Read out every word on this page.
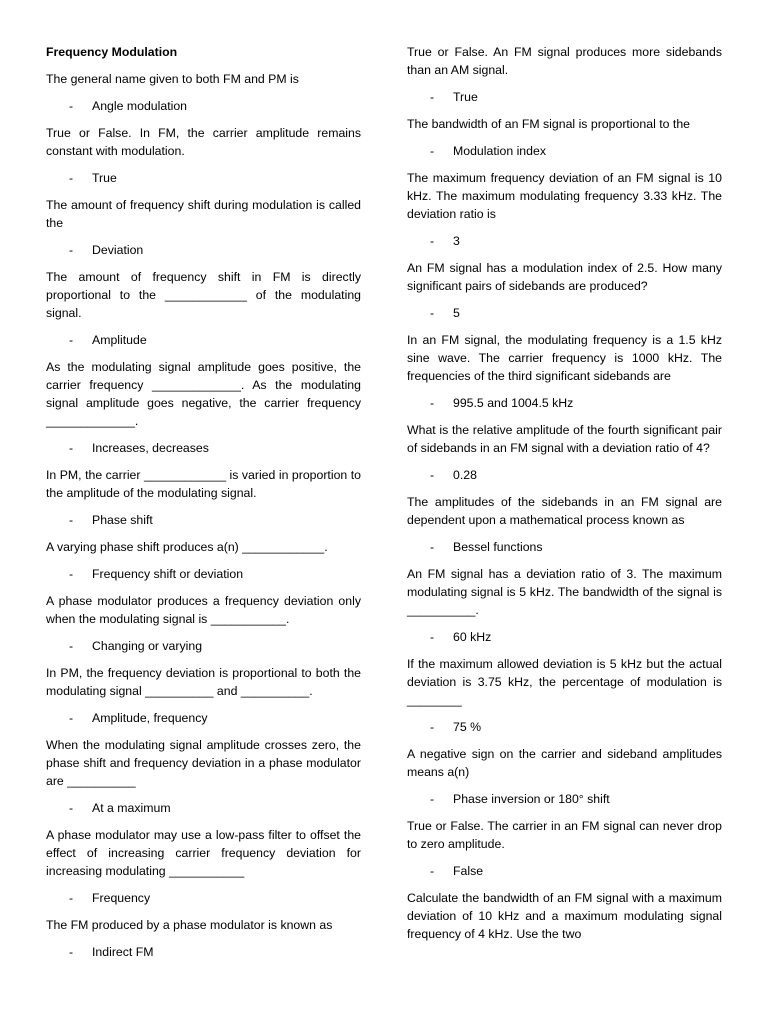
Frequency Modulation
The general name given to both FM and PM is
-	Angle modulation
True or False. In FM, the carrier amplitude remains constant with modulation.
-	True
The amount of frequency shift during modulation is called the
-	Deviation
The amount of frequency shift in FM is directly proportional to the ____________ of the modulating signal.
-	Amplitude
As the modulating signal amplitude goes positive, the carrier frequency _____________. As the modulating signal amplitude goes negative, the carrier frequency _____________.
-	Increases, decreases
In PM, the carrier ____________ is varied in proportion to the amplitude of the modulating signal.
-	Phase shift
A varying phase shift produces a(n) ____________.
-	Frequency shift or deviation
A phase modulator produces a frequency deviation only when the modulating signal is ___________.
-	Changing or varying
In PM, the frequency deviation is proportional to both the modulating signal __________ and __________.
-	Amplitude, frequency
When the modulating signal amplitude crosses zero, the phase shift and frequency deviation in a phase modulator are __________
-	At a maximum
A phase modulator may use a low-pass filter to offset the effect of increasing carrier frequency deviation for increasing modulating ___________
-	Frequency
The FM produced by a phase modulator is known as
-	Indirect FM
True or False. An FM signal produces more sidebands than an AM signal.
-	True
The bandwidth of an FM signal is proportional to the
-	Modulation index
The maximum frequency deviation of an FM signal is 10 kHz. The maximum modulating frequency 3.33 kHz. The deviation ratio is
-	3
An FM signal has a modulation index of 2.5. How many significant pairs of sidebands are produced?
-	5
In an FM signal, the modulating frequency is a 1.5 kHz sine wave. The carrier frequency is 1000 kHz. The frequencies of the third significant sidebands are
-	995.5 and 1004.5 kHz
What is the relative amplitude of the fourth significant pair of sidebands in an FM signal with a deviation ratio of 4?
-	0.28
The amplitudes of the sidebands in an FM signal are dependent upon a mathematical process known as
-	Bessel functions
An FM signal has a deviation ratio of 3. The maximum modulating signal is 5 kHz. The bandwidth of the signal is __________.
-	60 kHz
If the maximum allowed deviation is 5 kHz but the actual deviation is 3.75 kHz, the percentage of modulation is ________
-	75 %
A negative sign on the carrier and sideband amplitudes means a(n)
-	Phase inversion or 180° shift
True or False. The carrier in an FM signal can never drop to zero amplitude.
-	False
Calculate the bandwidth of an FM signal with a maximum deviation of 10 kHz and a maximum modulating signal frequency of 4 kHz. Use the two
